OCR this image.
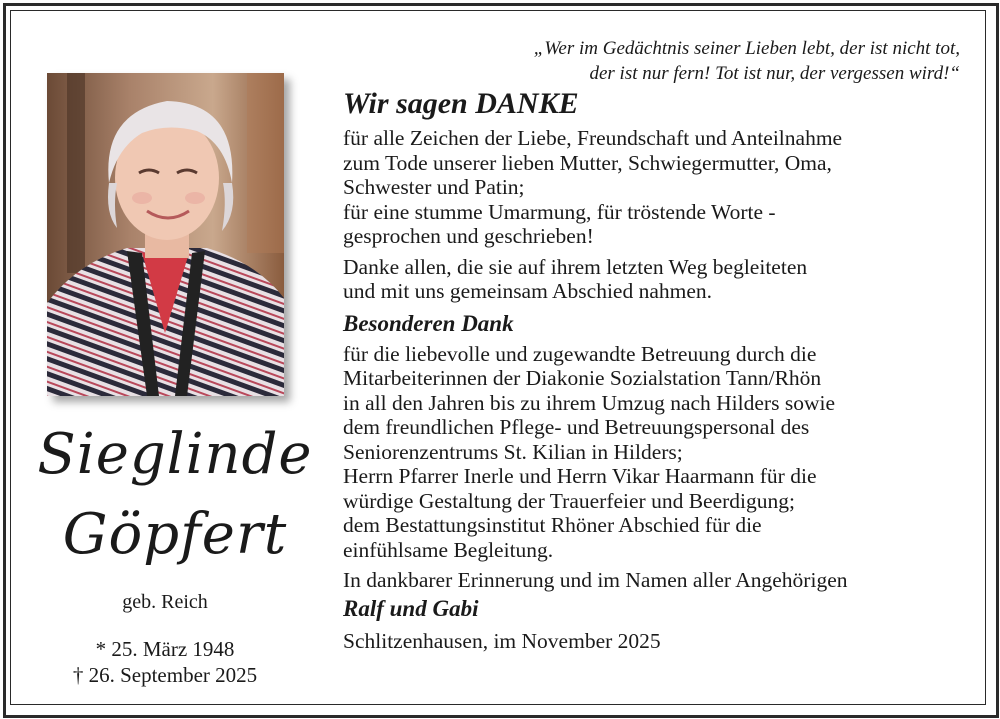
„Wer im Gedächtnis seiner Lieben lebt, der ist nicht tot,
der ist nur fern! Tot ist nur, der vergessen wird!“
Sieglinde
Göpfert
geb. Reich
* 25. März 1948
† 26. September 2025
Wir sagen DANKE

für alle Zeichen der Liebe, Freundschaft und Anteilnahme
zum Tode unserer lieben Mutter, Schwiegermutter, Oma,
Schwester und Patin;
für eine stumme Umarmung, für tröstende Worte -
gesprochen und geschrieben!

Danke allen, die sie auf ihrem letzten Weg begleiteten
und mit uns gemeinsam Abschied nahmen.

Besonderen Dank

für die liebevolle und zugewandte Betreuung durch die
Mitarbeiterinnen der Diakonie Sozialstation Tann/Rhön
in all den Jahren bis zu ihrem Umzug nach Hilders sowie
dem freundlichen Pflege- und Betreuungspersonal des
Seniorenzentrums St. Kilian in Hilders;
Herrn Pfarrer Inerle und Herrn Vikar Haarmann für die
würdige Gestaltung der Trauerfeier und Beerdigung;
dem Bestattungsinstitut Rhöner Abschied für die
einfühlsame Begleitung.

In dankbarer Erinnerung und im Namen aller Angehörigen

Ralf und Gabi

Schlitzenhausen, im November 2025
